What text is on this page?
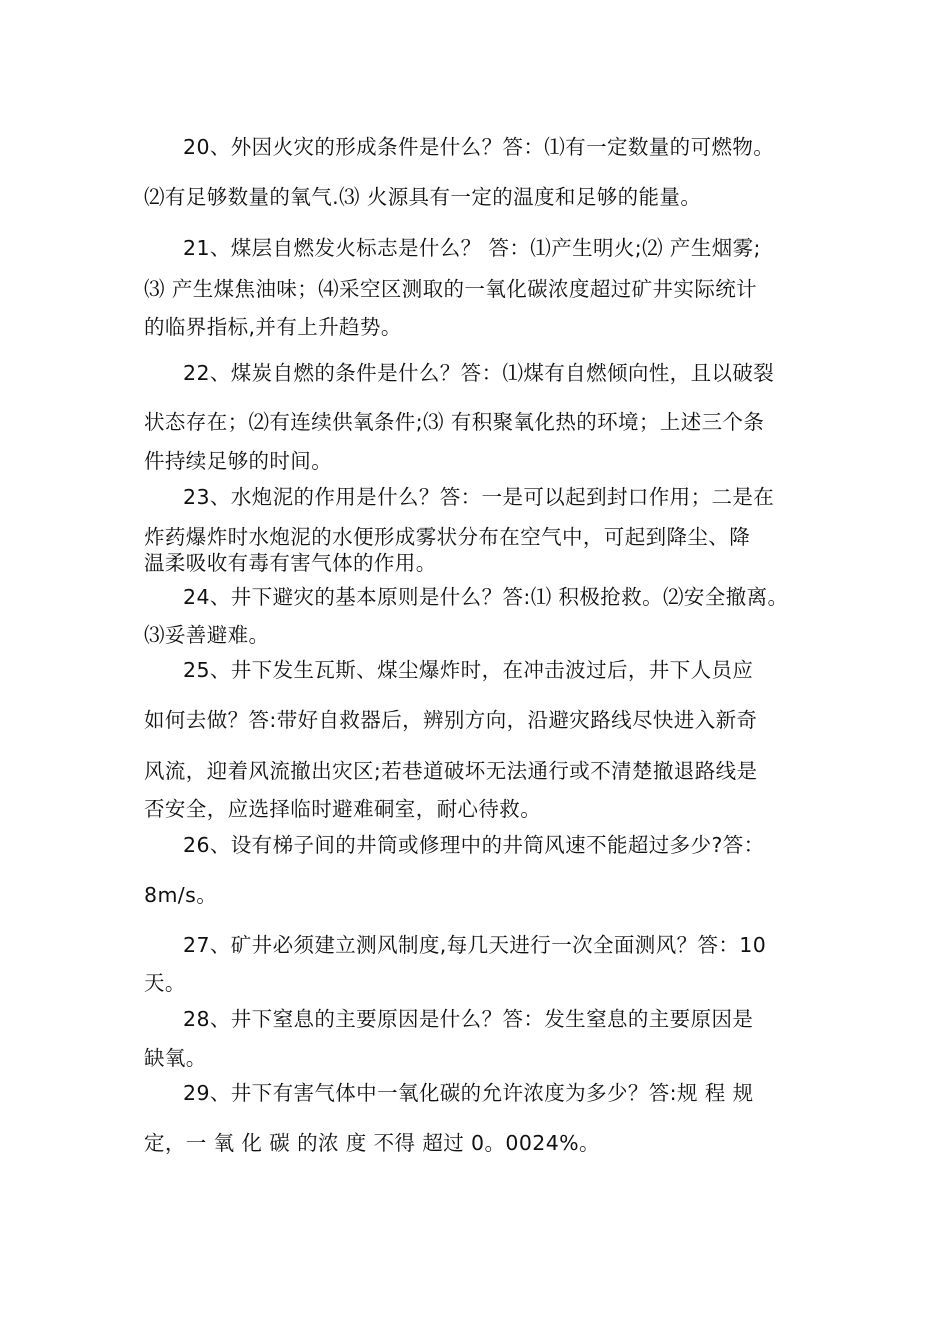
20、外因火灾的形成条件是什么？答：⑴有一定数量的可燃物。
⑵有足够数量的氧气.⑶ 火源具有一定的温度和足够的能量。
21、煤层自燃发火标志是什么？ 答：⑴产生明火;⑵ 产生烟雾;
⑶ 产生煤焦油味；⑷采空区测取的一氧化碳浓度超过矿井实际统计
的临界指标,并有上升趋势。
22、煤炭自燃的条件是什么？答：⑴煤有自燃倾向性，且以破裂
状态存在；⑵有连续供氧条件;⑶ 有积聚氧化热的环境；上述三个条
件持续足够的时间。
23、水炮泥的作用是什么？答：一是可以起到封口作用；二是在
炸药爆炸时水炮泥的水便形成雾状分布在空气中，可起到降尘、降
温柔吸收有毒有害气体的作用。
24、井下避灾的基本原则是什么？答:⑴ 积极抢救。⑵安全撤离。
⑶妥善避难。
25、井下发生瓦斯、煤尘爆炸时，在冲击波过后，井下人员应
如何去做？答:带好自救器后，辨别方向，沿避灾路线尽快进入新奇
风流，迎着风流撤出灾区;若巷道破坏无法通行或不清楚撤退路线是
否安全，应选择临时避难硐室，耐心待救。
26、设有梯子间的井筒或修理中的井筒风速不能超过多少?答：
8m/s。
27、矿井必须建立测风制度,每几天进行一次全面测风？答：10
天。
28、井下窒息的主要原因是什么？答：发生窒息的主要原因是
缺氧。
29、井下有害气体中一氧化碳的允许浓度为多少？答:规 程 规
定，一 氧 化 碳 的浓 度 不得 超过 0。0024%。
